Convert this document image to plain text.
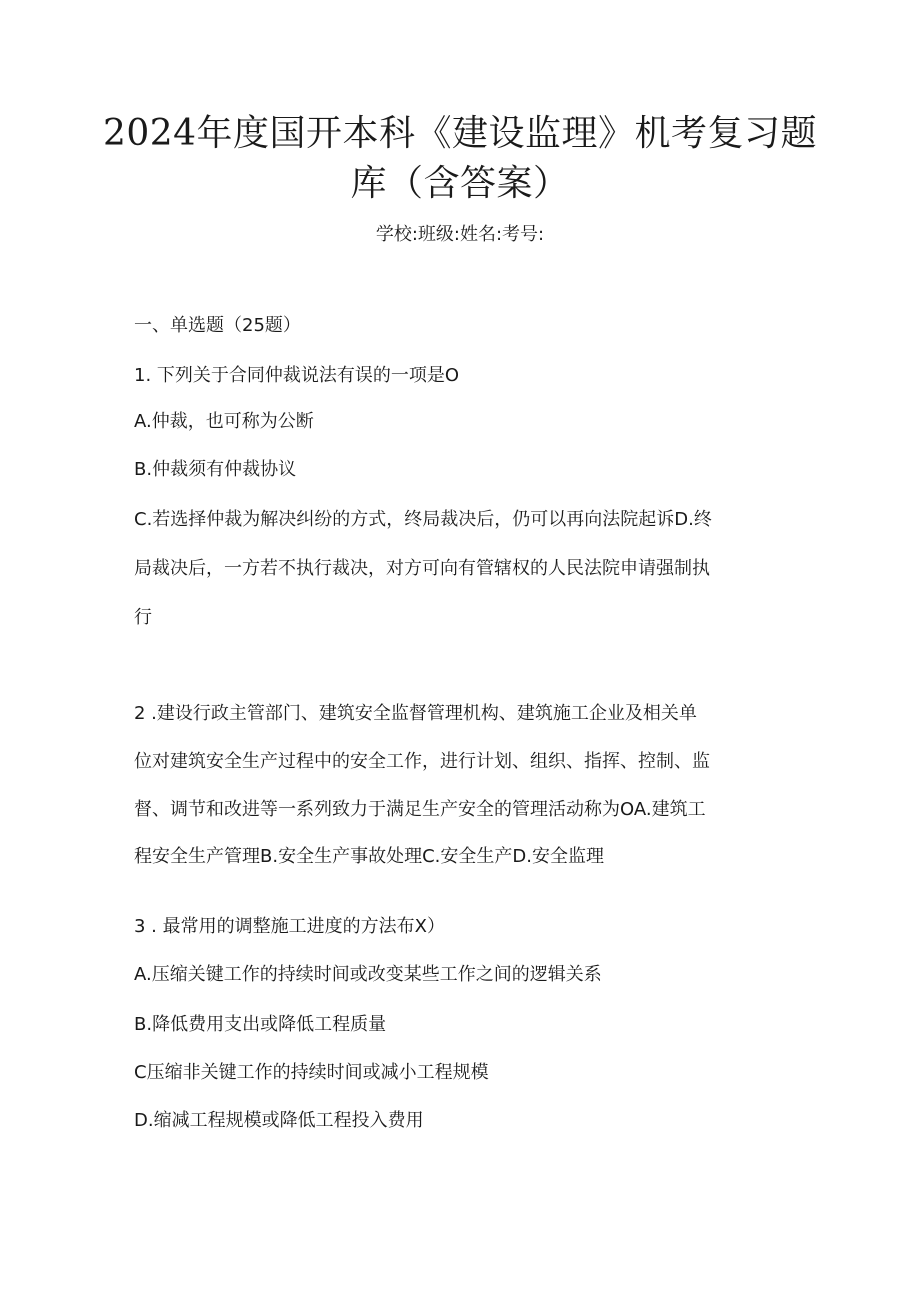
2024年度国开本科《建设监理》机考复习题
库（含答案）
学校:班级:姓名:考号:
一、单选题（25题）
1. 下列关于合同仲裁说法有误的一项是O
A.仲裁，也可称为公断
B.仲裁须有仲裁协议
C.若选择仲裁为解决纠纷的方式，终局裁决后，仍可以再向法院起诉D.终
局裁决后，一方若不执行裁决，对方可向有管辖权的人民法院申请强制执
行
2 .建设行政主管部门、建筑安全监督管理机构、建筑施工企业及相关单
位对建筑安全生产过程中的安全工作，进行计划、组织、指挥、控制、监
督、调节和改进等一系列致力于满足生产安全的管理活动称为OA.建筑工
程安全生产管理B.安全生产事故处理C.安全生产D.安全监理
3 . 最常用的调整施工进度的方法布X）
A.压缩关键工作的持续时间或改变某些工作之间的逻辑关系
B.降低费用支出或降低工程质量
C压缩非关键工作的持续时间或减小工程规模
D.缩减工程规模或降低工程投入费用
